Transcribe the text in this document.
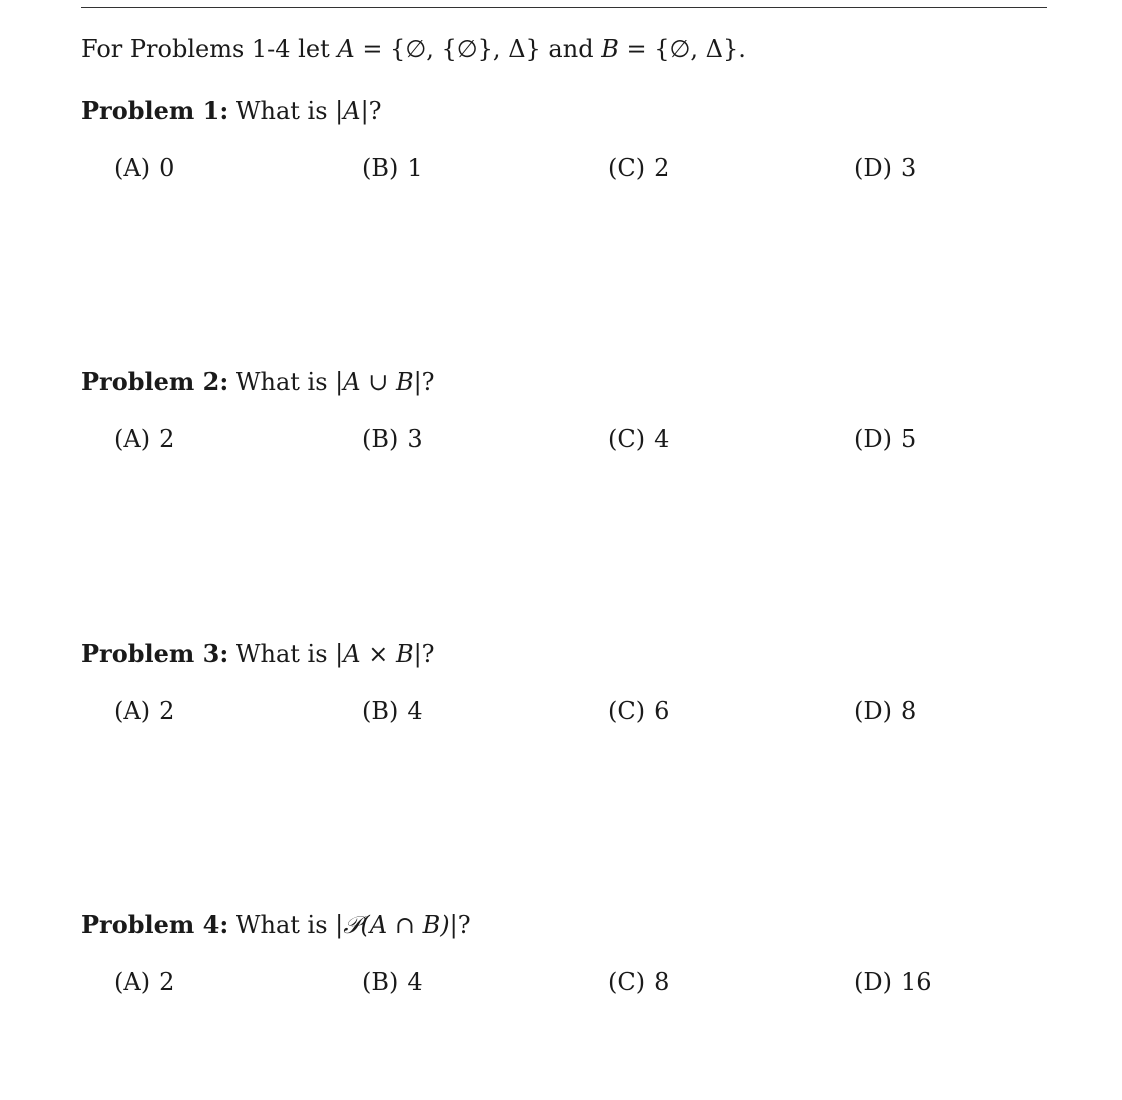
For Problems 1-4 let A = {∅, {∅}, Δ} and B = {∅, Δ}.
Problem 1: What is |A|?
(A) 0	(B) 1	(C) 2	(D) 3
Problem 2: What is |A ∪ B|?
(A) 2	(B) 3	(C) 4	(D) 5
Problem 3: What is |A × B|?
(A) 2	(B) 4	(C) 6	(D) 8
Problem 4: What is |𝒫(A ∩ B)|?
(A) 2	(B) 4	(C) 8	(D) 16
